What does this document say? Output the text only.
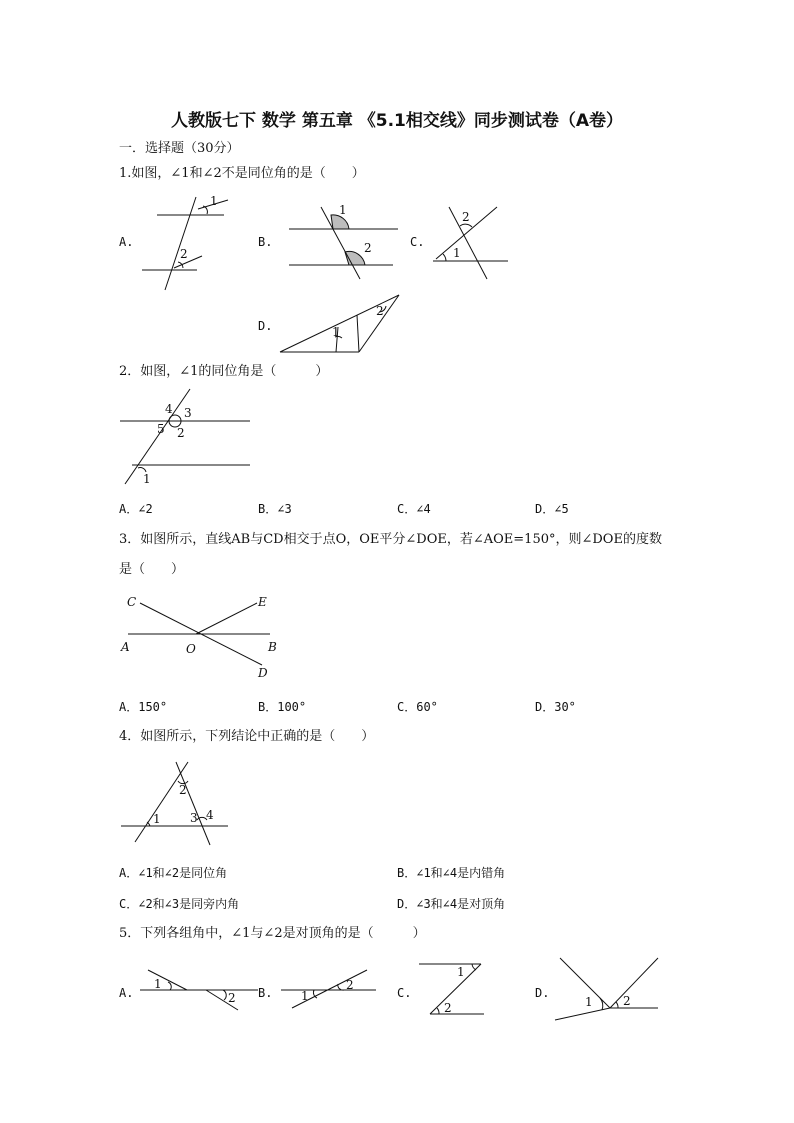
人教版七下 数学 第五章 《5.1相交线》同步测试卷（A卷）
一．选择题（30分）
1.如图，∠1和∠2不是同位角的是（　　）
A.	B.	C.
D.
1
2
1
2
2
1
1
2
2．如图，∠1的同位角是（　　　）
4 3
5 2
1
A．∠2	B．∠3	C．∠4	D．∠5
3．如图所示，直线AB与CD相交于点O，OE平分∠DOE，若∠AOE=150°，则∠DOE的度数
是（　　）
C	E
A	O	B
D
A．150°	B．100°	C．60°	D．30°
4．如图所示，下列结论中正确的是（　　）
1
2
3 4
A．∠1和∠2是同位角	B．∠1和∠4是内错角
C．∠2和∠3是同旁内角	D．∠3和∠4是对顶角
5．下列各组角中，∠1与∠2是对顶角的是（　　　）
A.	B.	C.	D.
1
2	1
2
1
2	1	2
